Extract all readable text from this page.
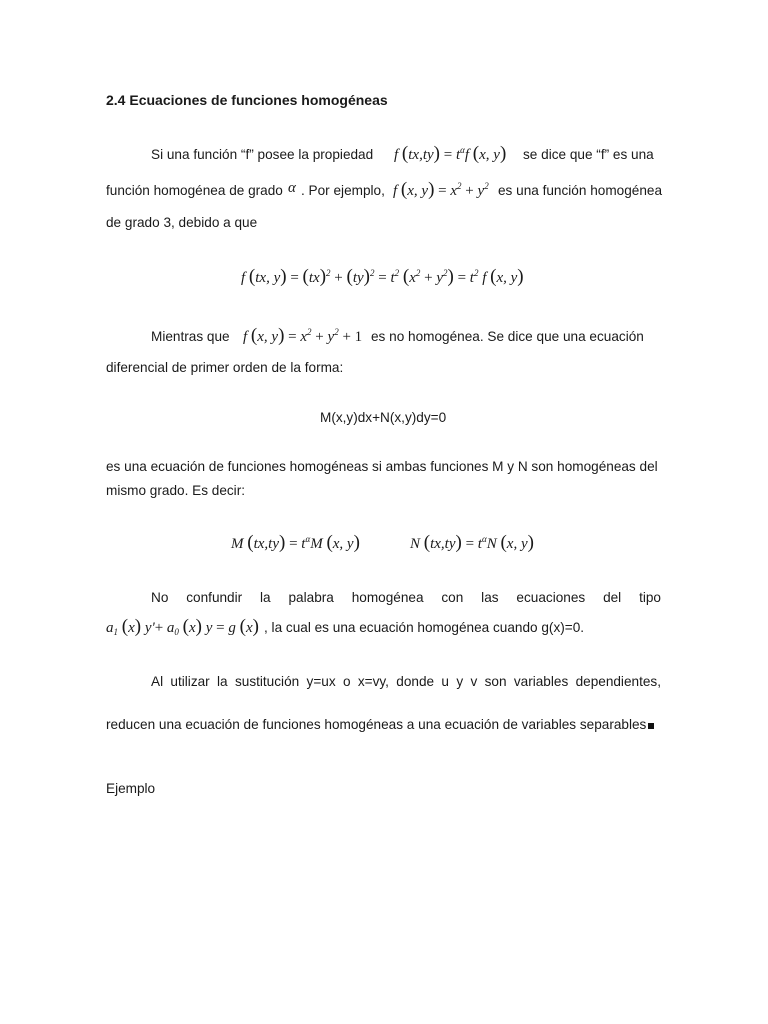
2.4 Ecuaciones de funciones homogéneas
Si una función “f” posee la propiedad f $(tx,ty) = t^\alpha f$ (x, y) se dice que “f” es una
función homogénea de grado α . Por ejemplo, f (x, $y) = x^2 + y^2$ es una función homogénea
de grado 3, debido a que
f (tx, $y) = (tx)^2 + (ty)^2 = t^2$ $(x^2 + y^2) = t^2$ f (x, y)
Mientras que f (x, $y) = x^2 + y^2 + 1$ es no homogénea. Se dice que una ecuación
diferencial de primer orden de la forma:
M(x,y)dx+N(x,y)dy=0
es una ecuación de funciones homogéneas si ambas funciones M y N son homogéneas del
mismo grado. Es decir:
M $(tx,ty) = t^\alpha M$ (x, y)	N $(tx,ty) = t^\alpha N$ (x, y)
No confundir la palabra homogénea con las ecuaciones del tipo
$a_1$ (x) $y'+ a_0$ (x) y = g (x) , la cual es una ecuación homogénea cuando g(x)=0.
Al utilizar la sustitución y=ux o x=vy, donde u y v son variables dependientes,
reducen una ecuación de funciones homogéneas a una ecuación de variables separables
Ejemplo
